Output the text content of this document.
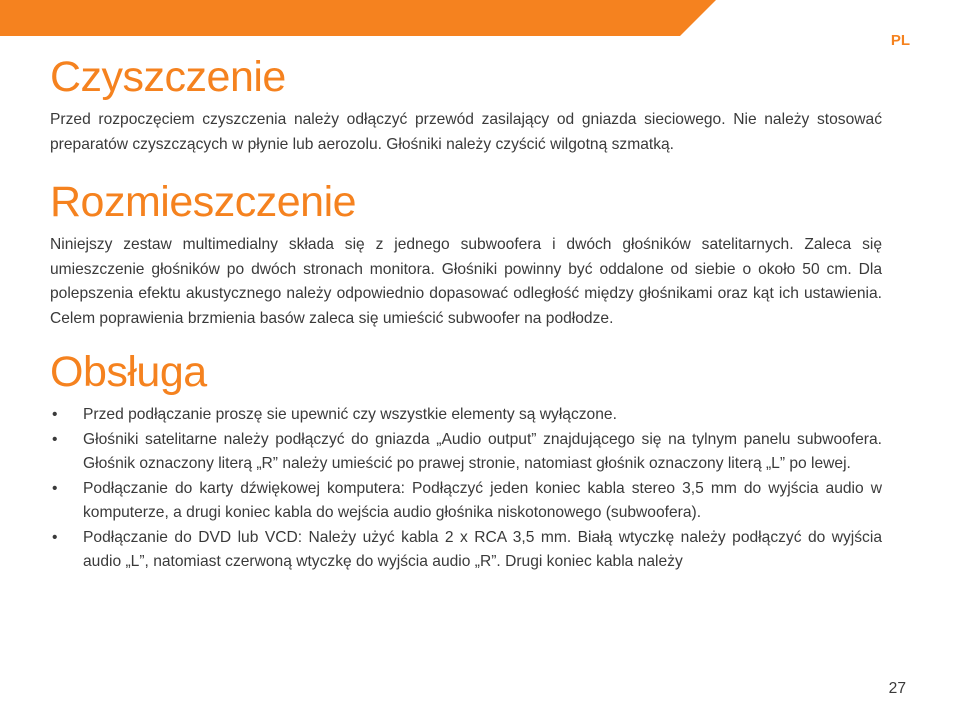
PL
Czyszczenie

Przed rozpoczęciem czyszczenia należy odłączyć przewód zasilający od gniazda sieciowego. Nie należy stosować preparatów czyszczących w płynie lub aerozolu. Głośniki należy czyścić wilgotną szmatką.

Rozmieszczenie

Niniejszy zestaw multimedialny składa się z jednego subwoofera i dwóch głośników satelitarnych. Zaleca się umieszczenie głośników po dwóch stronach monitora. Głośniki powinny być oddalone od siebie o około 50 cm. Dla polepszenia efektu akustycznego należy odpowiednio dopasować odległość między głośnikami oraz kąt ich ustawienia. Celem poprawienia brzmienia basów zaleca się umieścić subwoofer na podłodze.

Obsługa
• Przed podłączanie proszę sie upewnić czy wszystkie elementy są wyłączone.
• Głośniki satelitarne należy podłączyć do gniazda „Audio output” znajdującego się na tylnym panelu subwoofera. Głośnik oznaczony literą „R” należy umieścić po prawej stronie, natomiast głośnik oznaczony literą „L” po lewej.
• Podłączanie do karty dźwiękowej komputera: Podłączyć jeden koniec kabla stereo 3,5 mm do wyjścia audio w komputerze, a drugi koniec kabla do wejścia audio głośnika niskotonowego (subwoofera).
• Podłączanie do DVD lub VCD: Należy użyć kabla 2 x RCA 3,5 mm. Białą wtyczkę należy podłączyć do wyjścia audio „L”, natomiast czerwoną wtyczkę do wyjścia audio „R”. Drugi koniec kabla należy
27
